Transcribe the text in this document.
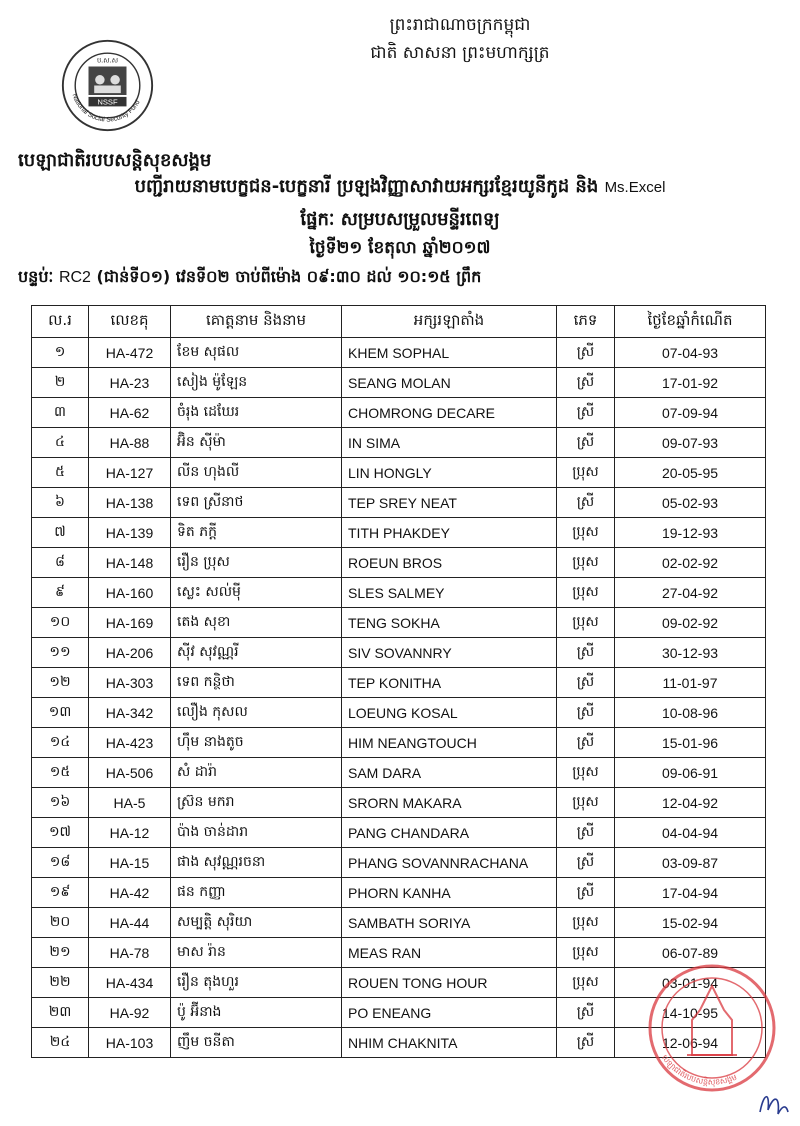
ព្រះរាជាណាចក្រកម្ពុជា
ជាតិ សាសនា ព្រះមហាក្សត្រ
NSSF
ប.ស.ស
National Social Security Fund
បេឡាជាតិរបបសន្តិសុខសង្គម
បញ្ជីរាយនាមបេក្ខជន-បេក្ខនារី ប្រឡងវិញ្ញាសាវាយអក្សរខ្មែរយូនីកូដ និង Ms.Excel
ផ្នែកៈ សម្របសម្រួលមន្ទីរពេទ្យ
ថ្ងៃទី២១ ខែតុលា ឆ្នាំ២០១៧
បន្ទប់ៈ RC2 (ជាន់ទី០១) វេនទី០២ ចាប់ពីម៉ោង ០៩:៣០ ដល់ ១០:១៥ ព្រឹក
ល.រ	លេខគុ	គោត្តនាម និងនាម	អក្សរឡាតាំង	ភេទ	ថ្ងៃខែឆ្នាំកំណើត
១	HA-472	ខែម សុផល	KHEM SOPHAL	ស្រី	07-04-93
២	HA-23	សៀង ម៉ូឡែន	SEANG MOLAN	ស្រី	17-01-92
៣	HA-62	ចំរុង ដេឃែរ	CHOMRONG DECARE	ស្រី	07-09-94
៤	HA-88	អ៊ិន ស៊ីម៉ា	IN SIMA	ស្រី	09-07-93
៥	HA-127	លីន ហុងលី	LIN HONGLY	ប្រុស	20-05-95
៦	HA-138	ទេព ស្រីនាថ	TEP SREY NEAT	ស្រី	05-02-93
៧	HA-139	ទិត ភក្តី	TITH PHAKDEY	ប្រុស	19-12-93
៨	HA-148	រឿន ប្រុស	ROEUN BROS	ប្រុស	02-02-92
៩	HA-160	ស្លេះ សល់មុី	SLES SALMEY	ប្រុស	27-04-92
១០	HA-169	តេង សុខា	TENG SOKHA	ប្រុស	09-02-92
១១	HA-206	ស៊ីវ សុវណ្ណរី	SIV SOVANNRY	ស្រី	30-12-93
១២	HA-303	ទេព កនិ្ថថា	TEP KONITHA	ស្រី	11-01-97
១៣	HA-342	លឿង កុសល	LOEUNG KOSAL	ស្រី	10-08-96
១៤	HA-423	ហ៊ឹម នាងតូច	HIM NEANGTOUCH	ស្រី	15-01-96
១៥	HA-506	សំ ដារ៉ា	SAM DARA	ប្រុស	09-06-91
១៦	HA-5	ស្រ៊ន មករា	SRORN MAKARA	ប្រុស	12-04-92
១៧	HA-12	ប៉ាង ចាន់ដារា	PANG CHANDARA	ស្រី	04-04-94
១៨	HA-15	ផាង សុវណ្ណរចនា	PHANG SOVANNRACHANA	ស្រី	03-09-87
១៩	HA-42	ផន កញ្ញា	PHORN KANHA	ស្រី	17-04-94
២០	HA-44	សម្បត្តិ សុរិយា	SAMBATH SORIYA	ប្រុស	15-02-94
២១	HA-78	មាស រ៉ាន	MEAS RAN	ប្រុស	06-07-89
២២	HA-434	រឿន តុងហួរ	ROUEN TONG HOUR	ប្រុស	03-01-94
២៣	HA-92	ប៉ូ អ៊ីនាង	PO ENEANG	ស្រី	14-10-95
២៤	HA-103	ញឹម ចនីតា	NHIM CHAKNITA	ស្រី	12-06-94
បេឡាជាតិរបបសន្តិសុខសង្គម
